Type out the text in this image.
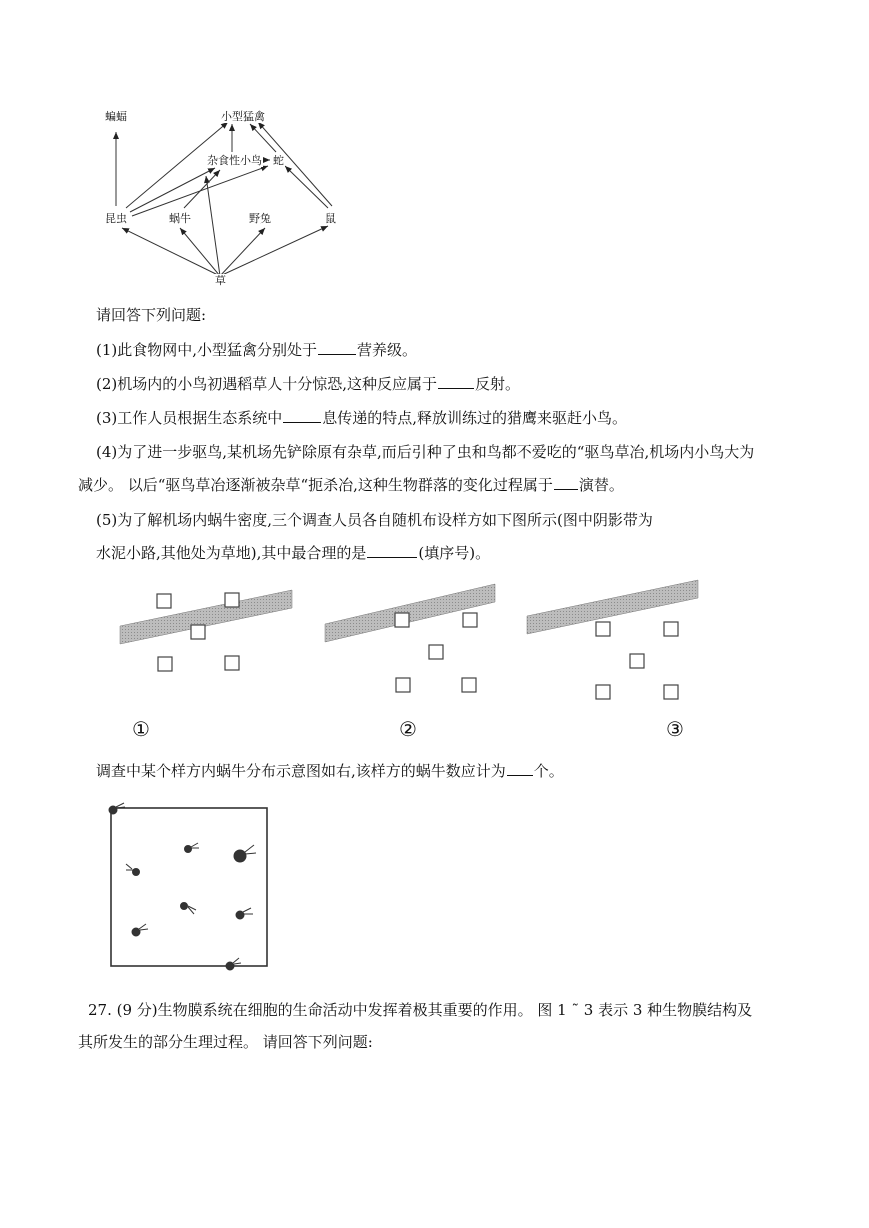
蝙蝠	小型猛禽
杂食性小鸟 蛇
昆虫	蜗牛	野兔	鼠
草
请回答下列问题:
(1)此食物网中,小型猛禽分别处于	营养级。
(2)机场内的小鸟初遇稻草人十分惊恐,这种反应属于	反射。
(3)工作人员根据生态系统中	息传递的特点,释放训练过的猎鹰来驱赶小鸟。
(4)为了进一步驱鸟,某机场先铲除原有杂草,而后引种了虫和鸟都不爱吃的“驱鸟草冶,机场内小鸟大为
减少。 以后“驱鸟草冶逐渐被杂草“扼杀冶,这种生物群落的变化过程属于 演替。
(5)为了解机场内蜗牛密度,三个调查人员各自随机布设样方如下图所示(图中阴影带为
水泥小路,其他处为草地),其中最合理的是	(填序号)。
①	②	③
调查中某个样方内蜗牛分布示意图如右,该样方的蜗牛数应计为 个。
27. (9 分)生物膜系统在细胞的生命活动中发挥着极其重要的作用。 图 1 ˜ 3 表示 3 种生物膜结构及
其所发生的部分生理过程。 请回答下列问题:
